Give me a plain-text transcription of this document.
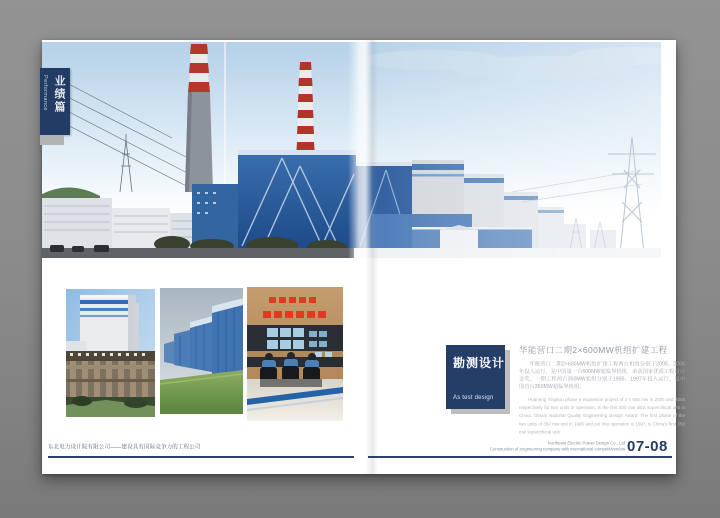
业绩篇
Performance
勘测设计
As test design
华能营口二期2×600MW机组扩建工程

华能营口二期2×600MW机组扩建工程两台机组分别于2005、2006年投入运行，是中国第一台600MW超临界机组，荣获国家优质工程设计金奖。一期工程两台350MW机组分别于1995、1997年投入运行，是中国首台350MW超临界机组。

Huaneng Yingkou phase II expansion project of 2 x 600 mw in 2005 and 2006 respectively for two units in operation, is the first 600 mw ultra supercritical unit in China. Obtain National Quality Engineering Design Award. The first phase of the two units of 350 mw unit in 1995 and put into operation in 1997, is China's first 350 mw supercritical unit.

东北电力设计院有限公司——建设具有国际竞争力的工程公司
Northeast Electric Power Design Co., Ltd
Construction of engineering company with international competitiveness 07-08
